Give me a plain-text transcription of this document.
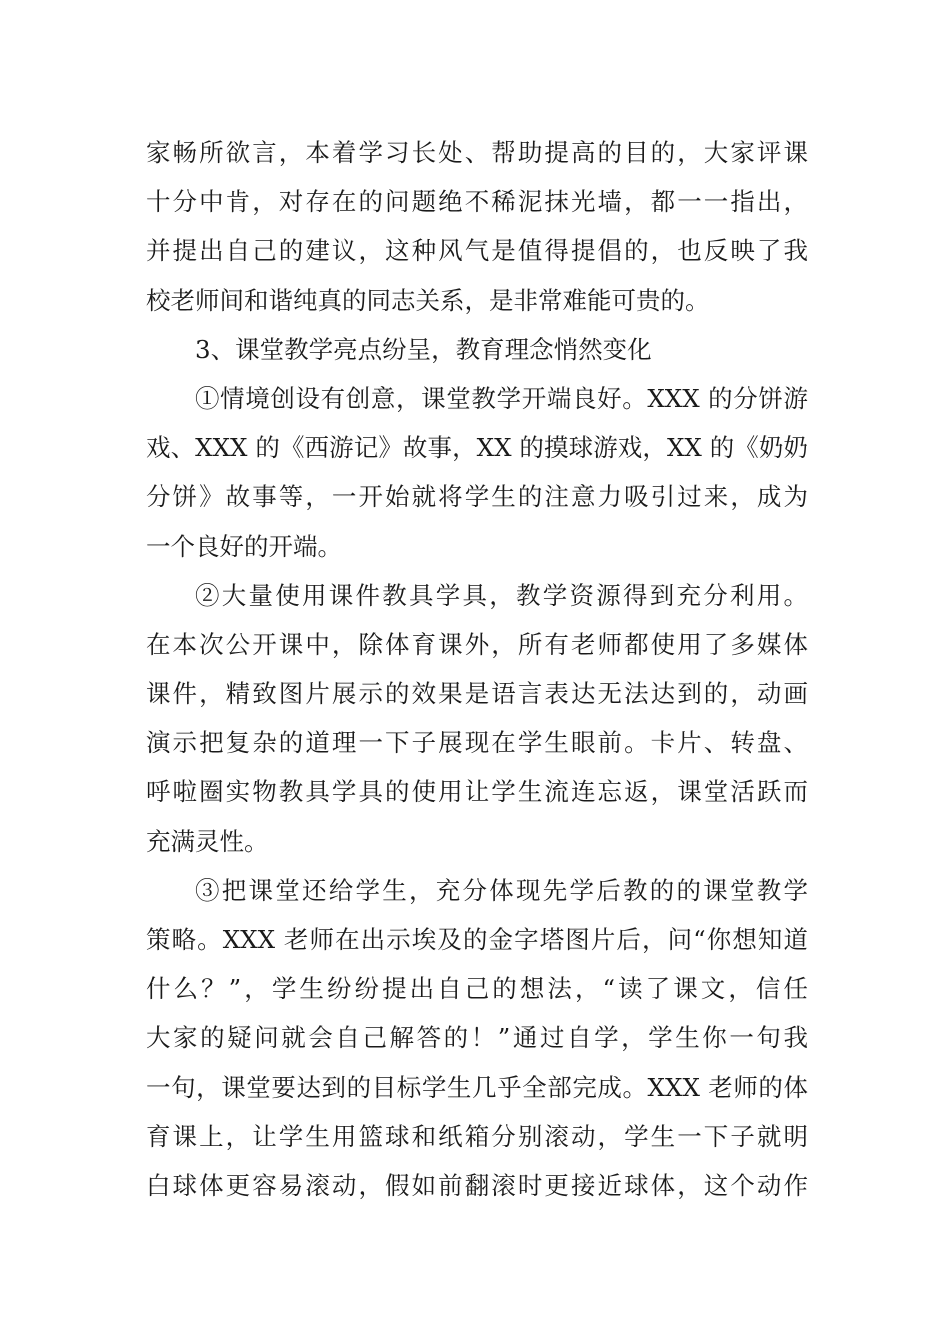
家畅所欲言，本着学习长处、帮助提高的目的，大家评课
十分中肯，对存在的问题绝不稀泥抹光墙，都一一指出，
并提出自己的建议，这种风气是值得提倡的，也反映了我
校老师间和谐纯真的同志关系，是非常难能可贵的。
3、课堂教学亮点纷呈，教育理念悄然变化
①情境创设有创意，课堂教学开端良好。XXX 的分饼游
戏、XXX 的《西游记》故事，XX 的摸球游戏，XX 的《奶奶
分饼》故事等，一开始就将学生的注意力吸引过来，成为
一个良好的开端。
②大量使用课件教具学具，教学资源得到充分利用。
在本次公开课中，除体育课外，所有老师都使用了多媒体
课件，精致图片展示的效果是语言表达无法达到的，动画
演示把复杂的道理一下子展现在学生眼前。卡片、转盘、
呼啦圈实物教具学具的使用让学生流连忘返，课堂活跃而
充满灵性。
③把课堂还给学生，充分体现先学后教的的课堂教学
策略。XXX 老师在出示埃及的金字塔图片后，问“你想知道
什么？”，学生纷纷提出自己的想法，“读了课文，信任
大家的疑问就会自己解答的！”通过自学，学生你一句我
一句，课堂要达到的目标学生几乎全部完成。XXX 老师的体
育课上，让学生用篮球和纸箱分别滚动，学生一下子就明
白球体更容易滚动，假如前翻滚时更接近球体，这个动作
